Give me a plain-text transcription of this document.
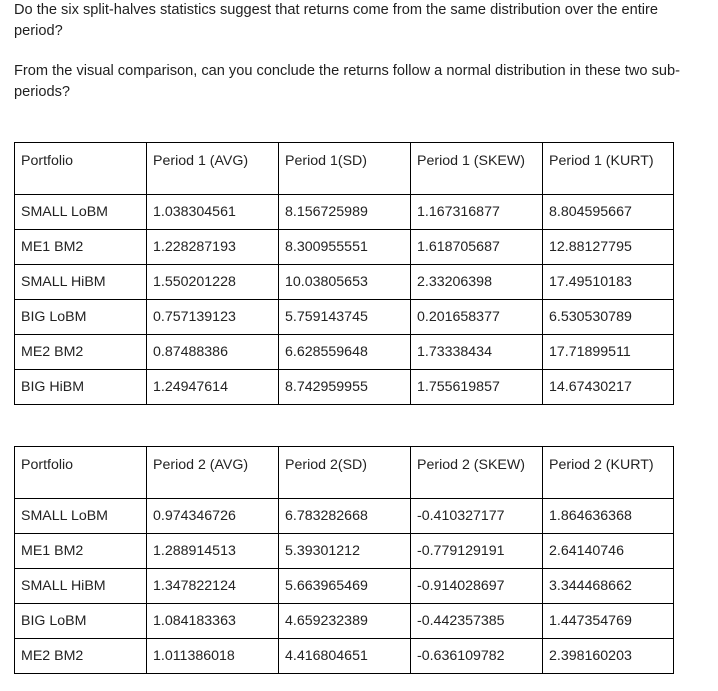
Do the six split-halves statistics suggest that returns come from the same distribution over the entire period?

From the visual comparison, can you conclude the returns follow a normal distribution in these two sub-periods?

Portfolio	Period 1 (AVG)	Period 1(SD)	Period 1 (SKEW)	Period 1 (KURT)
SMALL LoBM	1.038304561	8.156725989	1.167316877	8.804595667
ME1 BM2	1.228287193	8.300955551	1.618705687	12.88127795
SMALL HiBM	1.550201228	10.03805653	2.33206398	17.49510183
BIG LoBM	0.757139123	5.759143745	0.201658377	6.530530789
ME2 BM2	0.87488386	6.628559648	1.73338434	17.71899511
BIG HiBM	1.24947614	8.742959955	1.755619857	14.67430217
Portfolio	Period 2 (AVG)	Period 2(SD)	Period 2 (SKEW)	Period 2 (KURT)
SMALL LoBM	0.974346726	6.783282668	-0.410327177	1.864636368
ME1 BM2	1.288914513	5.39301212	-0.779129191	2.64140746
SMALL HiBM	1.347822124	5.663965469	-0.914028697	3.344468662
BIG LoBM	1.084183363	4.659232389	-0.442357385	1.447354769
ME2 BM2	1.011386018	4.416804651	-0.636109782	2.398160203
